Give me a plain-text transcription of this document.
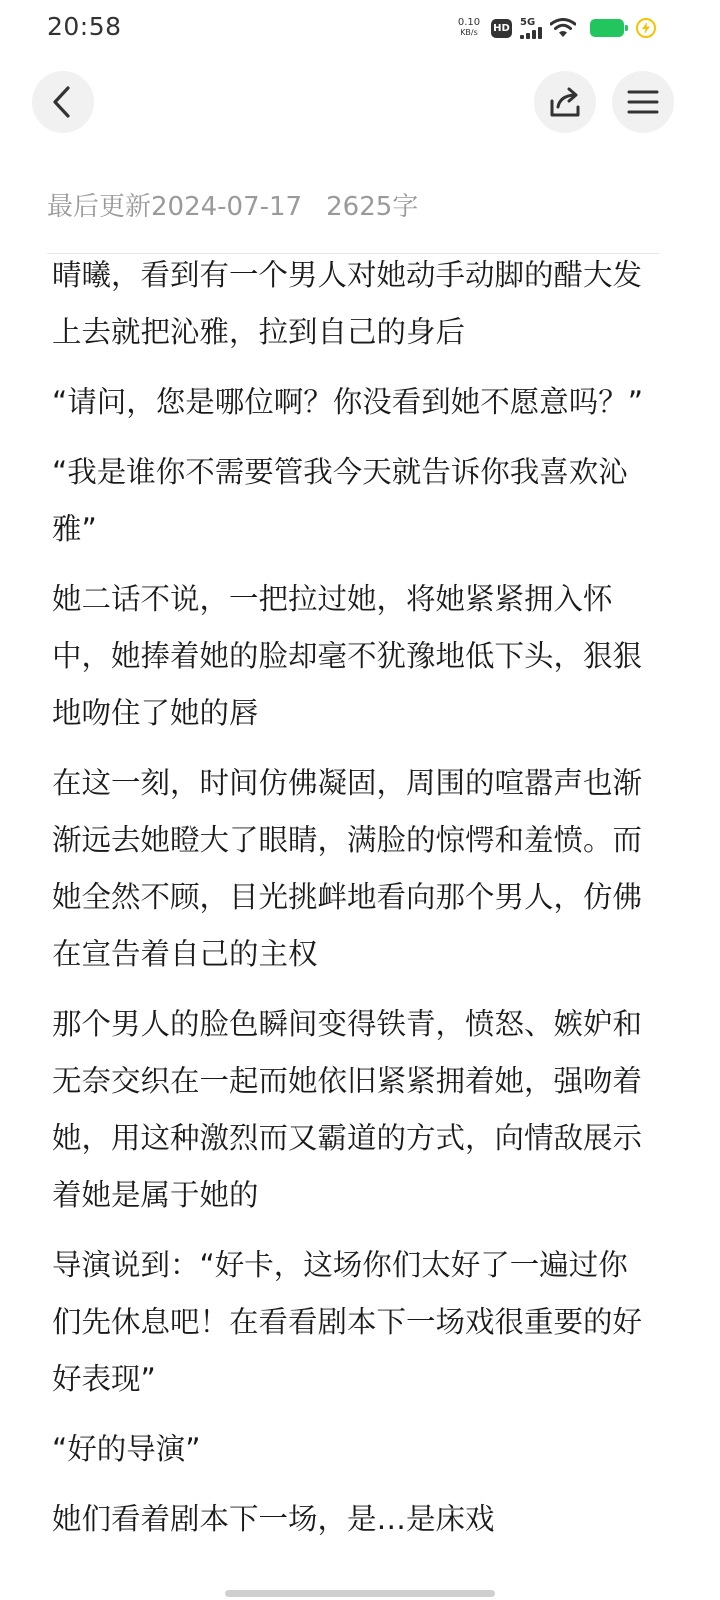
20:58	0.10
KB/s HD
5G
最后更新2024-07-17 2625字

晴曦，看到有一个男人对她动手动脚的醋大发上去就把沁雅，拉到自己的身后

“请问，您是哪位啊？你没看到她不愿意吗？”

“我是谁你不需要管我今天就告诉你我喜欢沁雅”

她二话不说，一把拉过她，将她紧紧拥入怀中，她捧着她的脸却毫不犹豫地低下头，狠狠地吻住了她的唇

在这一刻，时间仿佛凝固，周围的喧嚣声也渐渐远去她瞪大了眼睛，满脸的惊愕和羞愤。而她全然不顾，目光挑衅地看向那个男人，仿佛在宣告着自己的主权

那个男人的脸色瞬间变得铁青，愤怒、嫉妒和无奈交织在一起而她依旧紧紧拥着她，强吻着她，用这种激烈而又霸道的方式，向情敌展示着她是属于她的

导演说到：“好卡，这场你们太好了一遍过你们先休息吧！在看看剧本下一场戏很重要的好好表现”

“好的导演”

她们看着剧本下一场，是…是床戏
